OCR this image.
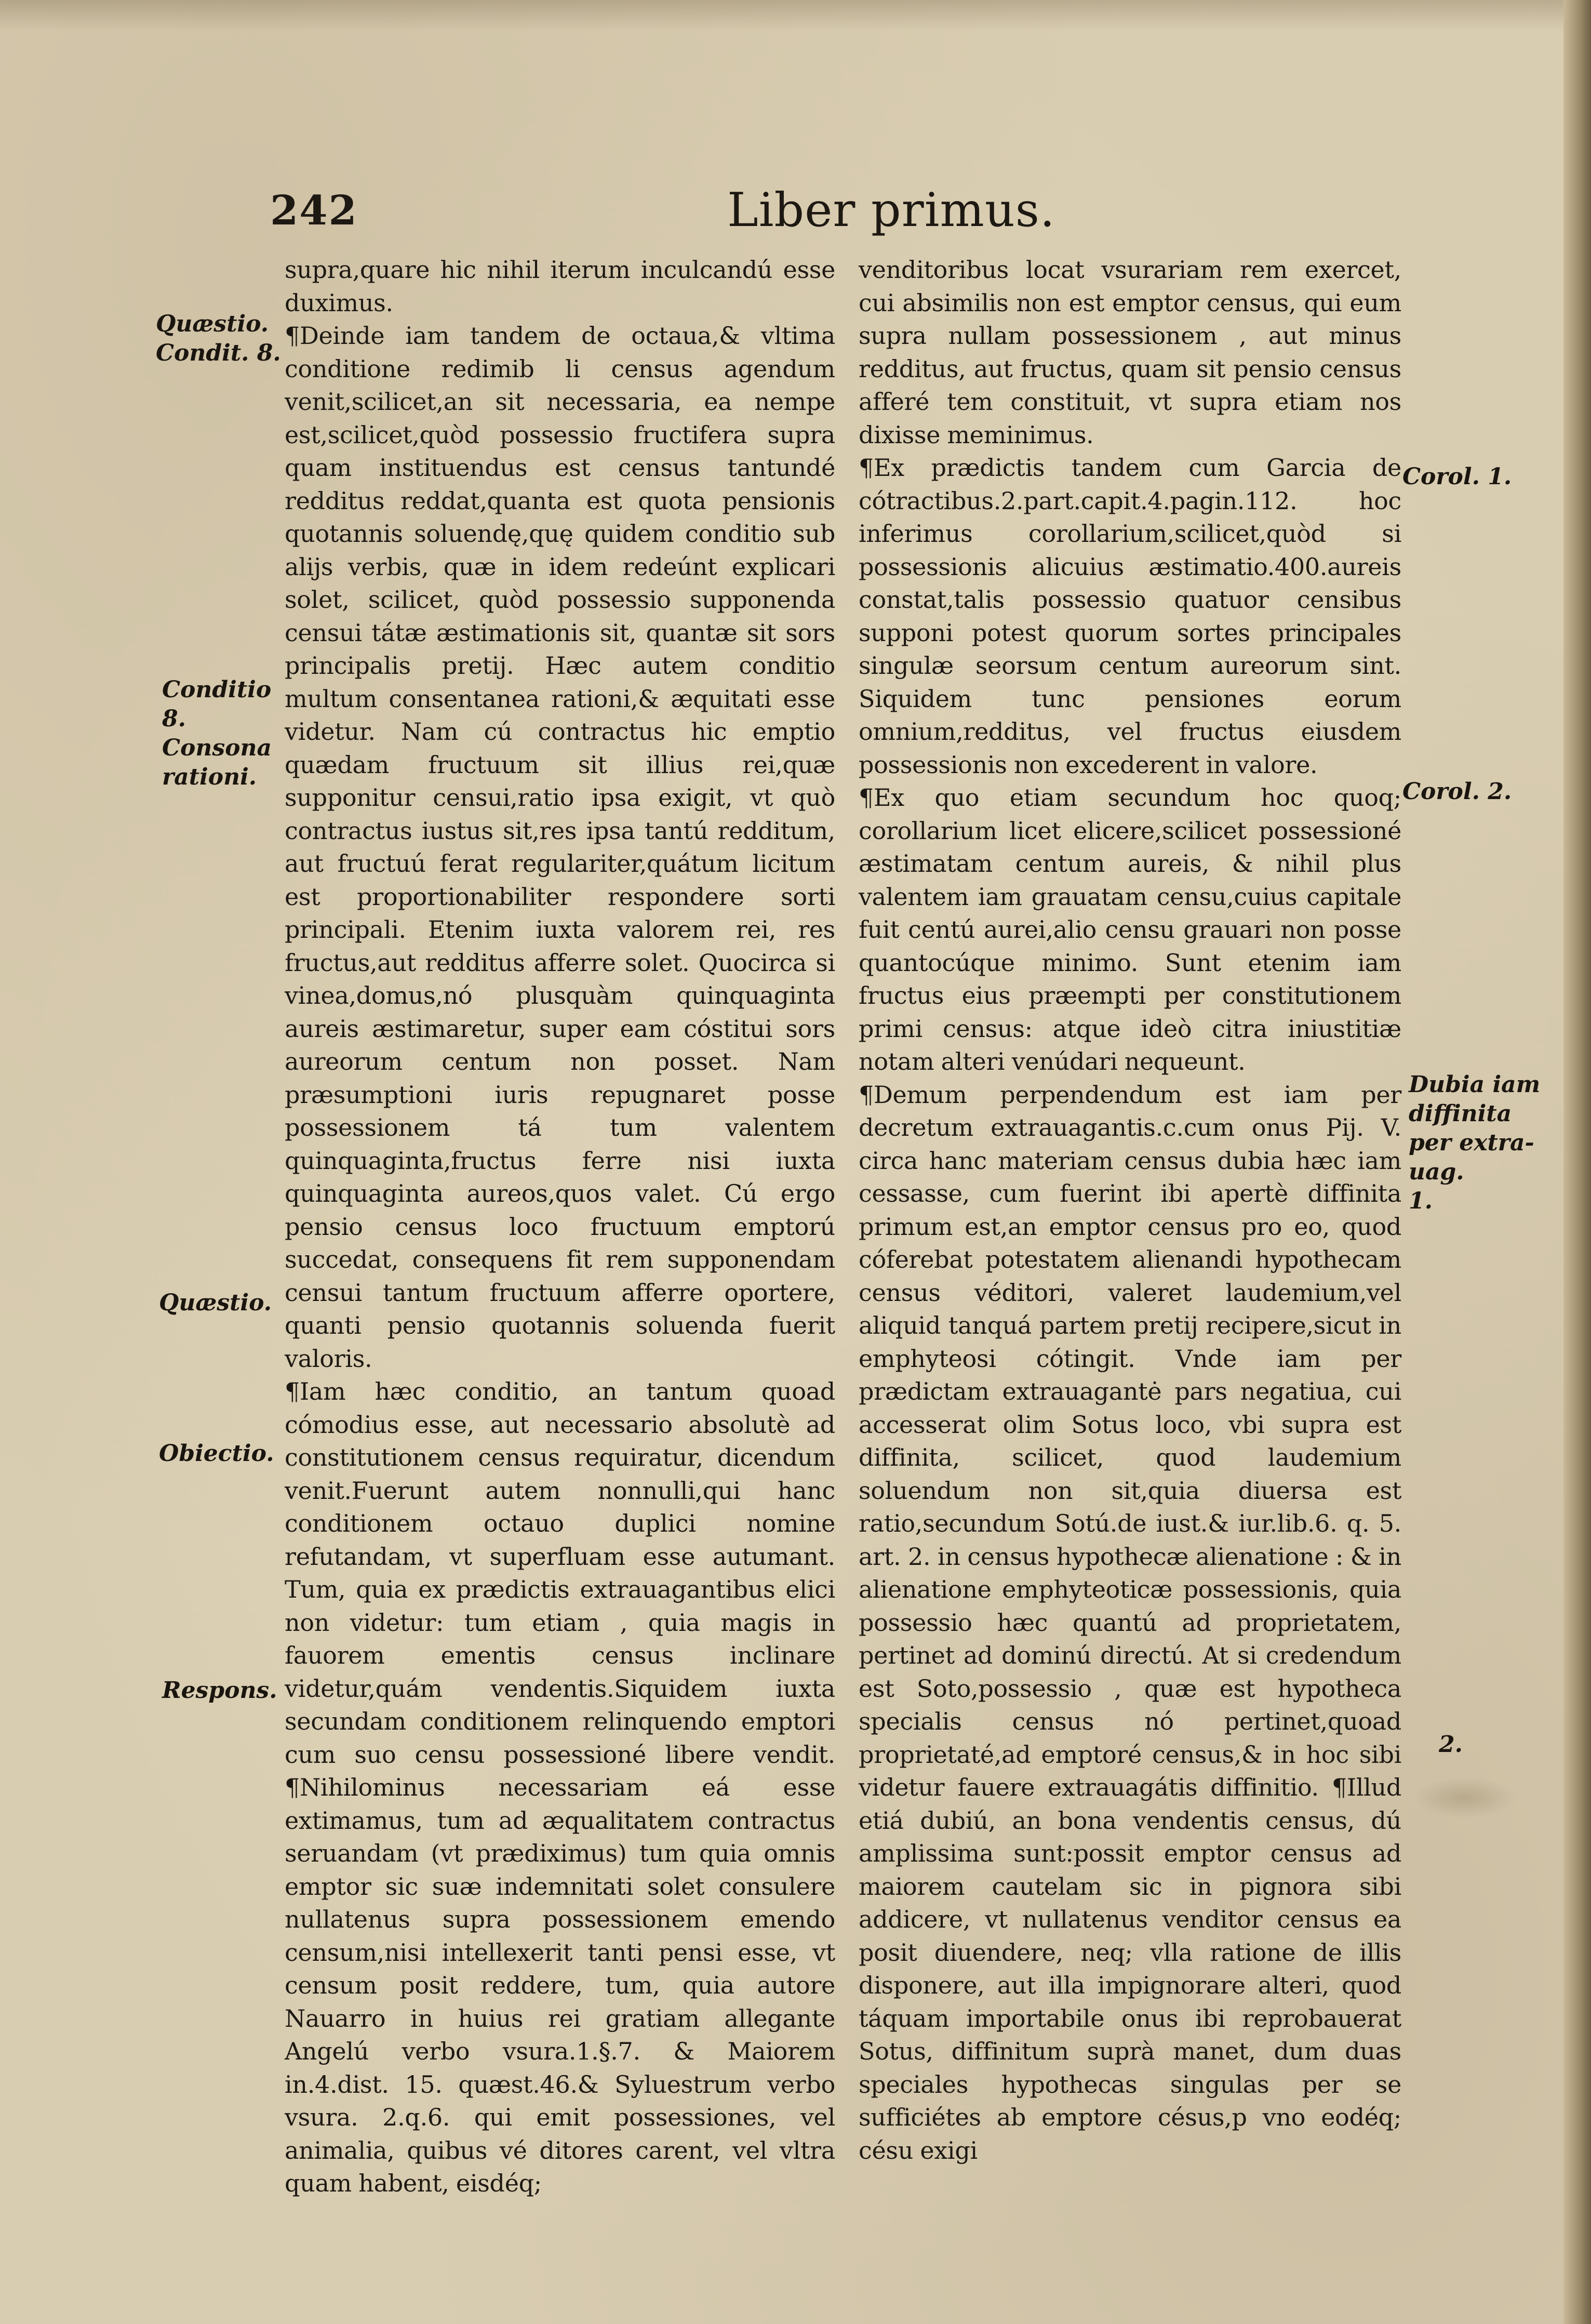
242	Liber primus.

supra,quare hic nihil iterum inculcandú esse duximus.

¶Deinde iam tandem de octaua,& vltima conditione redimib li census agendum venit,scilicet,an sit necessaria, ea nempe est,scilicet,quòd possessio fructifera supra quam instituendus est census tantundé redditus reddat,quanta est quota pensionis quotannis soluendę,quę quidem conditio sub alijs verbis, quæ in idem redeúnt explicari solet, scilicet, quòd possessio supponenda censui tátæ æstimationis sit, quantæ sit sors principalis pretij. Hæc autem conditio multum consentanea rationi,& æquitati esse videtur. Nam cú contractus hic emptio quædam fructuum sit illius rei,quæ supponitur censui,ratio ipsa exigit, vt quò contractus iustus sit,res ipsa tantú redditum, aut fructuú ferat regulariter,quátum licitum est proportionabiliter respondere sorti principali. Etenim iuxta valorem rei, res fructus,aut redditus afferre solet. Quocirca si vinea,domus,nó plusquàm quinquaginta aureis æstimaretur, super eam cóstitui sors aureorum centum non posset. Nam præsumptioni iuris repugnaret posse possessionem tá tum valentem quinquaginta,fructus ferre nisi iuxta quinquaginta aureos,quos valet. Cú ergo pensio census loco fructuum emptorú succedat, consequens fit rem supponendam censui tantum fructuum afferre oportere, quanti pensio quotannis soluenda fuerit valoris.

¶Iam hæc conditio, an tantum quoad cómodius esse, aut necessario absolutè ad constitutionem census requiratur, dicendum venit.Fuerunt autem nonnulli,qui hanc conditionem octauo duplici nomine refutandam, vt superfluam esse autumant. Tum, quia ex prædictis extrauagantibus elici non videtur: tum etiam , quia magis in fauorem ementis census inclinare videtur,quám vendentis.Siquidem iuxta secundam conditionem relinquendo emptori cum suo censu possessioné libere vendit. ¶Nihilominus necessariam eá esse extimamus, tum ad æqualitatem contractus seruandam (vt prædiximus) tum quia omnis emptor sic suæ indemnitati solet consulere nullatenus supra possessionem emendo censum,nisi intellexerit tanti pensi esse, vt censum posit reddere, tum, quia autore Nauarro in huius rei gratiam allegante Angelú verbo vsura.1.§.7. & Maiorem in.4.dist. 15. quæst.46.& Syluestrum verbo vsura. 2.q.6. qui emit possessiones, vel animalia, quibus vé ditores carent, vel vltra quam habent, eisdéq;

venditoribus locat vsurariam rem exercet, cui absimilis non est emptor census, qui eum supra nullam possessionem , aut minus redditus, aut fructus, quam sit pensio census afferé tem constituit, vt supra etiam nos dixisse meminimus.

¶Ex prædictis tandem cum Garcia de cótractibus.2.part.capit.4.pagin.112. hoc inferimus corollarium,scilicet,quòd si possessionis alicuius æstimatio.400.aureis constat,talis possessio quatuor censibus supponi potest quorum sortes principales singulæ seorsum centum aureorum sint. Siquidem tunc pensiones eorum omnium,redditus, vel fructus eiusdem possessionis non excederent in valore.

¶Ex quo etiam secundum hoc quoq; corollarium licet elicere,scilicet possessioné æstimatam centum aureis, & nihil plus valentem iam grauatam censu,cuius capitale fuit centú aurei,alio censu grauari non posse quantocúque minimo. Sunt etenim iam fructus eius præempti per constitutionem primi census: atque ideò citra iniustitiæ notam alteri venúdari nequeunt.

¶Demum perpendendum est iam per decretum extrauagantis.c.cum onus Pij. V. circa hanc materiam census dubia hæc iam cessasse, cum fuerint ibi apertè diffinita primum est,an emptor census pro eo, quod cóferebat potestatem alienandi hypothecam census véditori, valeret laudemium,vel aliquid tanquá partem pretij recipere,sicut in emphyteosi cótingit. Vnde iam per prædictam extrauagantė pars negatiua, cui accesserat olim Sotus loco, vbi supra est diffinita, scilicet, quod laudemium soluendum non sit,quia diuersa est ratio,secundum Sotú.de iust.& iur.lib.6. q. 5. art. 2. in census hypothecæ alienatione : & in alienatione emphyteoticæ possessionis, quia possessio hæc quantú ad proprietatem, pertinet ad dominú directú. At si credendum est Soto,possessio , quæ est hypotheca specialis census nó pertinet,quoad proprietaté,ad emptoré census,& in hoc sibi videtur fauere extrauagátis diffinitio. ¶Illud etiá dubiú, an bona vendentis census, dú amplissima sunt:possit emptor census ad maiorem cautelam sic in pignora sibi addicere, vt nullatenus venditor census ea posit diuendere, neq; vlla ratione de illis disponere, aut illa impignorare alteri, quod táquam importabile onus ibi reprobauerat Sotus, diffinitum suprà manet, dum duas speciales hypothecas singulas per se sufficiétes ab emptore césus,p vno eodéq; césu exigi

Quæstio.
Condit. 8.
Conditio
8.
Consona
rationi.
Quæstio.
Obiectio.
Respons.
Corol. 1.
Corol. 2.
Dubia iam
diffinita
per extra-
uag.
1.
2.
